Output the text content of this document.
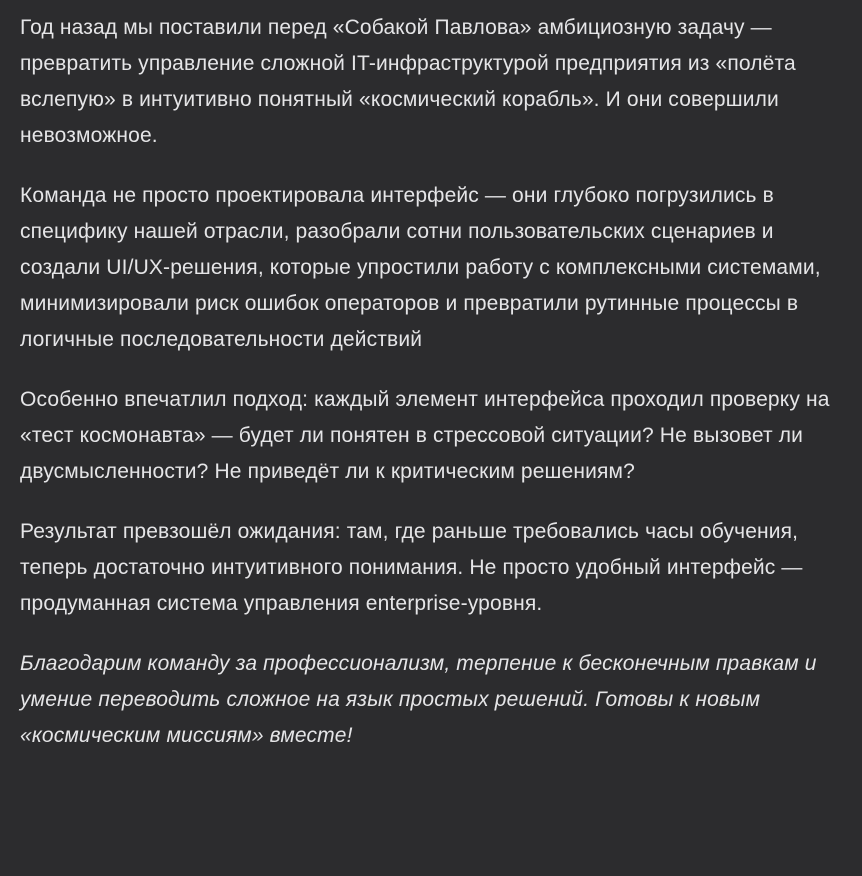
Год назад мы поставили перед «Собакой Павлова» амбициозную задачу — превратить управление сложной IT-инфраструктурой предприятия из «полёта вслепую» в интуитивно понятный «космический корабль». И они совершили невозможное.

Команда не просто проектировала интерфейс — они глубоко погрузились в специфику нашей отрасли, разобрали сотни пользовательских сценариев и создали UI/UX-решения, которые упростили работу с комплексными системами, минимизировали риск ошибок операторов и превратили рутинные процессы в логичные последовательности действий

Особенно впечатлил подход: каждый элемент интерфейса проходил проверку на «тест космонавта» — будет ли понятен в стрессовой ситуации? Не вызовет ли двусмысленности? Не приведёт ли к критическим решениям?

Результат превзошёл ожидания: там, где раньше требовались часы обучения, теперь достаточно интуитивного понимания. Не просто удобный интерфейс — продуманная система управления enterprise-уровня.

Благодарим команду за профессионализм, терпение к бесконечным правкам и умение переводить сложное на язык простых решений. Готовы к новым «космическим миссиям» вместе!
